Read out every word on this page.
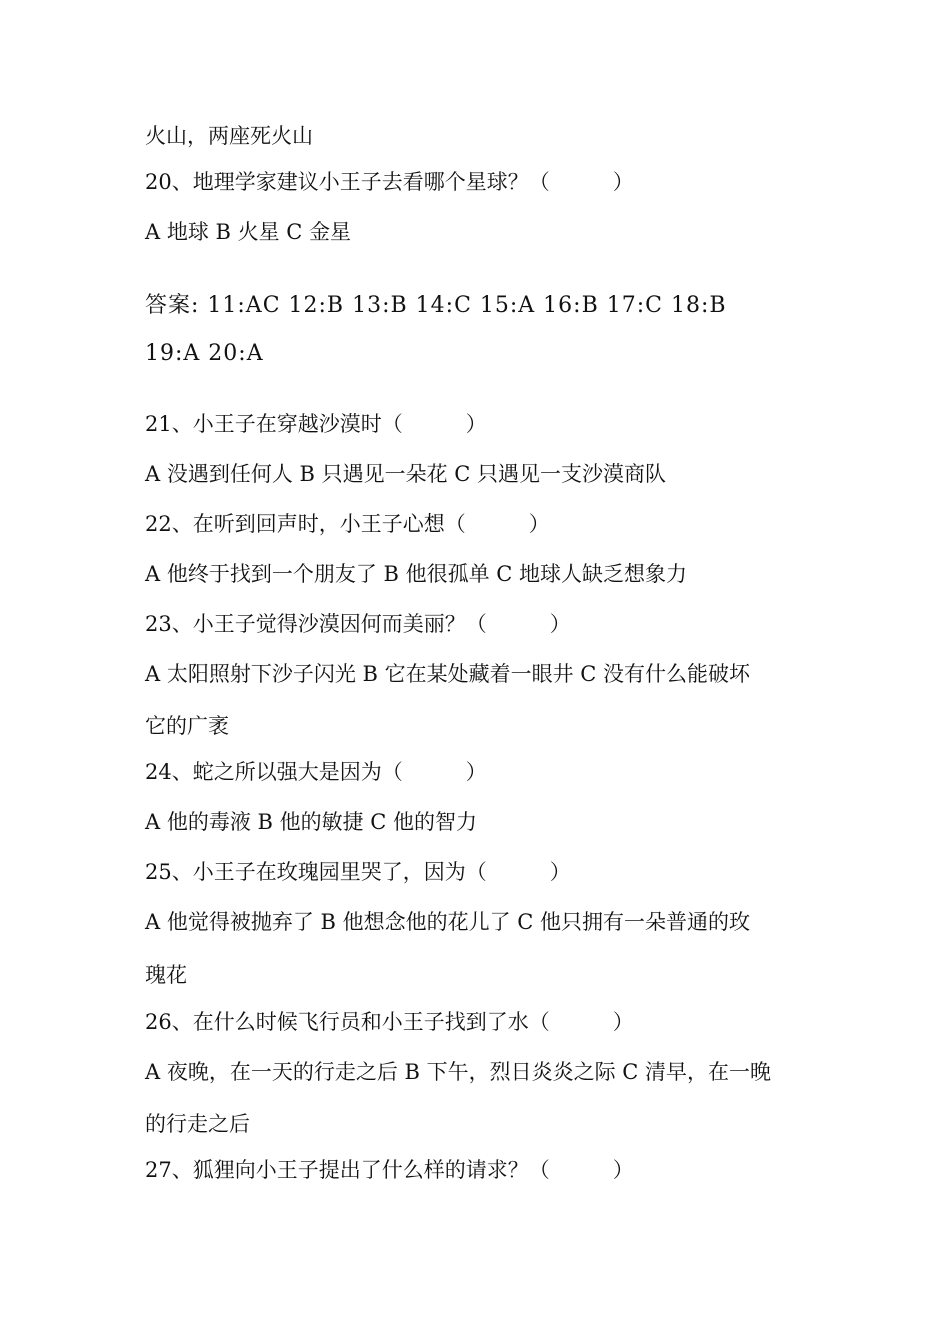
火山，两座死火山
20、地理学家建议小王子去看哪个星球？（　　　）
A 地球 B 火星 C 金星
答案: 11:AC 12:B 13:B 14:C 15:A 16:B 17:C 18:B
19:A 20:A
21、小王子在穿越沙漠时（　　　）
A 没遇到任何人 B 只遇见一朵花 C 只遇见一支沙漠商队
22、在听到回声时，小王子心想（　　　）
A 他终于找到一个朋友了 B 他很孤单 C 地球人缺乏想象力
23、小王子觉得沙漠因何而美丽？（　　　）
A 太阳照射下沙子闪光 B 它在某处藏着一眼井 C 没有什么能破坏
它的广袤
24、蛇之所以强大是因为（　　　）
A 他的毒液 B 他的敏捷 C 他的智力
25、小王子在玫瑰园里哭了，因为（　　　）
A 他觉得被抛弃了 B 他想念他的花儿了 C 他只拥有一朵普通的玫
瑰花
26、在什么时候飞行员和小王子找到了水（　　　）
A 夜晚，在一天的行走之后 B 下午，烈日炎炎之际 C 清早，在一晚
的行走之后
27、狐狸向小王子提出了什么样的请求？（　　　）
